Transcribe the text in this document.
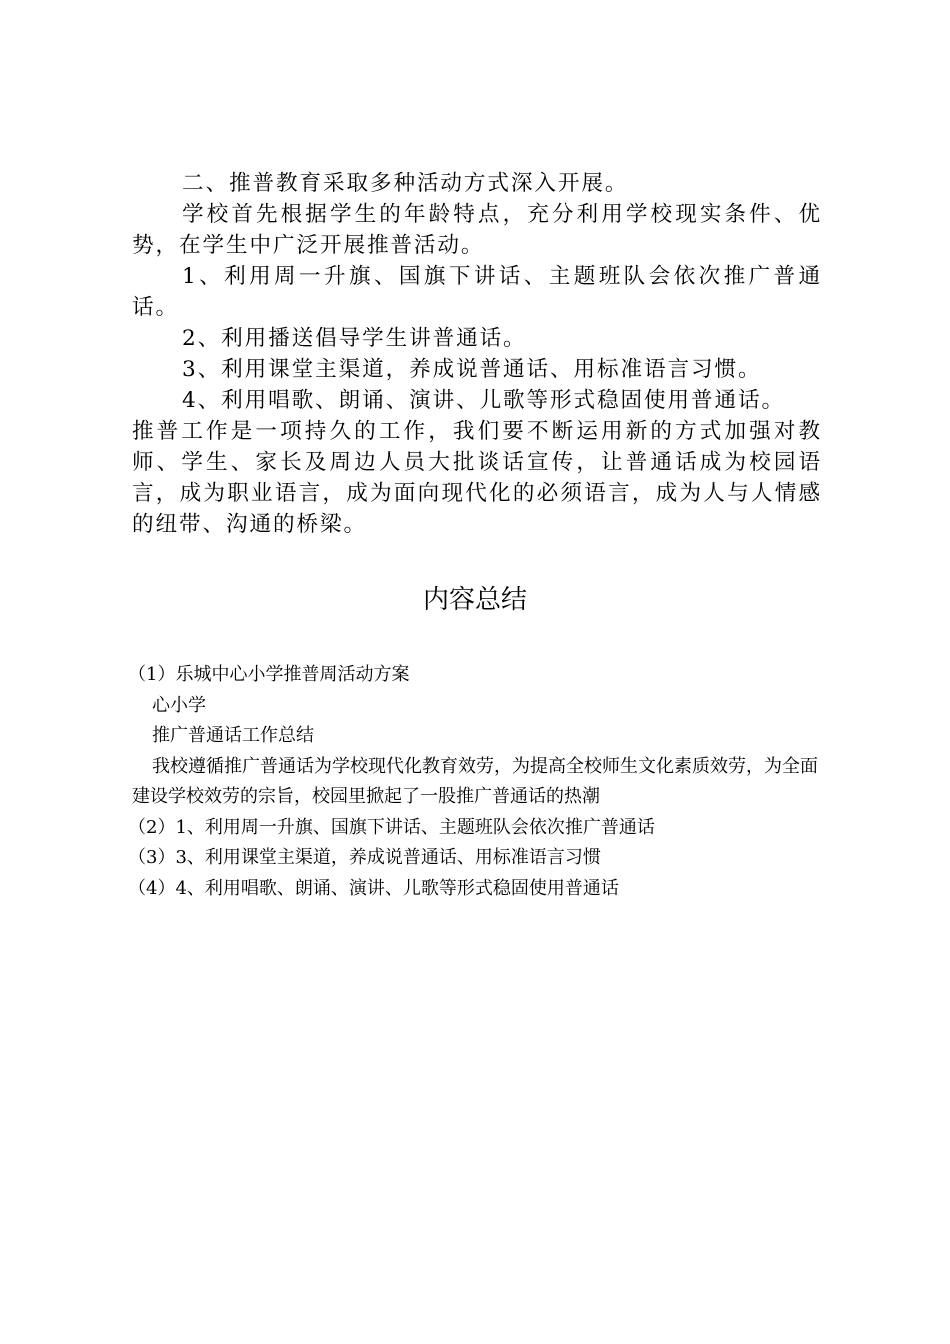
二、推普教育采取多种活动方式深入开展。

学校首先根据学生的年龄特点，充分利用学校现实条件、优势，在学生中广泛开展推普活动。

1、利用周一升旗、国旗下讲话、主题班队会依次推广普通话。

2、利用播送倡导学生讲普通话。

3、利用课堂主渠道，养成说普通话、用标准语言习惯。

4、利用唱歌、朗诵、演讲、儿歌等形式稳固使用普通话。

推普工作是一项持久的工作，我们要不断运用新的方式加强对教师、学生、家长及周边人员大批谈话宣传，让普通话成为校园语言，成为职业语言，成为面向现代化的必须语言，成为人与人情感的纽带、沟通的桥梁。

内容总结

（1）乐城中心小学推普周活动方案

心小学

推广普通话工作总结

我校遵循推广普通话为学校现代化教育效劳，为提高全校师生文化素质效劳，为全面建设学校效劳的宗旨，校园里掀起了一股推广普通话的热潮

（2）1、利用周一升旗、国旗下讲话、主题班队会依次推广普通话

（3）3、利用课堂主渠道，养成说普通话、用标准语言习惯

（4）4、利用唱歌、朗诵、演讲、儿歌等形式稳固使用普通话
